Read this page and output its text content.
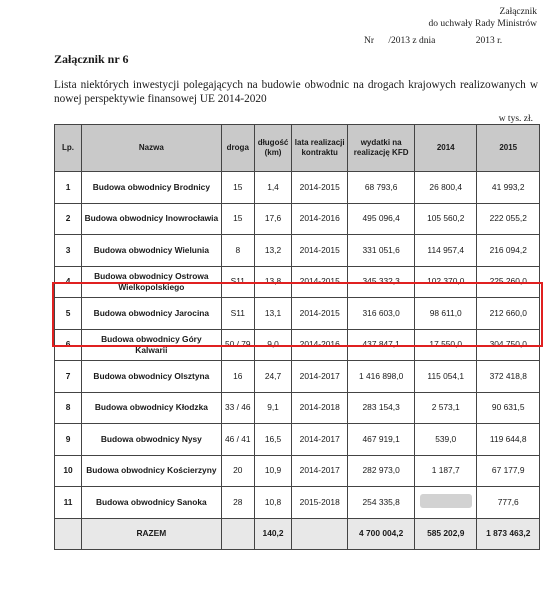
Załącznik
do uchwały Rady Ministrów
Nr /2013 z dnia	2013 r.
Załącznik nr 6
Lista niektórych inwestycji polegających na budowie obwodnic na drogach krajowych realizowanych w nowej perspektywie finansowej UE 2014-2020
w tys. zł.
Lp.	Nazwa	droga	długość (km)	lata realizacji kontraktu	wydatki na realizację KFD	2014	2015
1	Budowa obwodnicy Brodnicy	15	1,4	2014-2015	68 793,6	26 800,4	41 993,2
2	Budowa obwodnicy Inowrocławia	15	17,6	2014-2016	495 096,4	105 560,2	222 055,2
3	Budowa obwodnicy Wielunia	8	13,2	2014-2015	331 051,6	114 957,4	216 094,2
4	Budowa obwodnicy Ostrowa Wielkopolskiego	S11	13,8	2014-2015	345 332,3	102 370,0	225 260,0
5	Budowa obwodnicy Jarocina	S11	13,1	2014-2015	316 603,0	98 611,0	212 660,0
6	Budowa obwodnicy Góry Kalwarii	50 / 79	9,0	2014-2016	437 847,1	17 550,0	304 750,0
7	Budowa obwodnicy Olsztyna	16	24,7	2014-2017	1 416 898,0	115 054,1	372 418,8
8	Budowa obwodnicy Kłodzka	33 / 46	9,1	2014-2018	283 154,3	2 573,1	90 631,5
9	Budowa obwodnicy Nysy	46 / 41	16,5	2014-2017	467 919,1	539,0	119 644,8
10	Budowa obwodnicy Kościerzyny	20	10,9	2014-2017	282 973,0	1 187,7	67 177,9
11	Budowa obwodnicy Sanoka	28	10,8	2015-2018	254 335,8		777,6
	RAZEM		140,2		4 700 004,2	585 202,9	1 873 463,2
